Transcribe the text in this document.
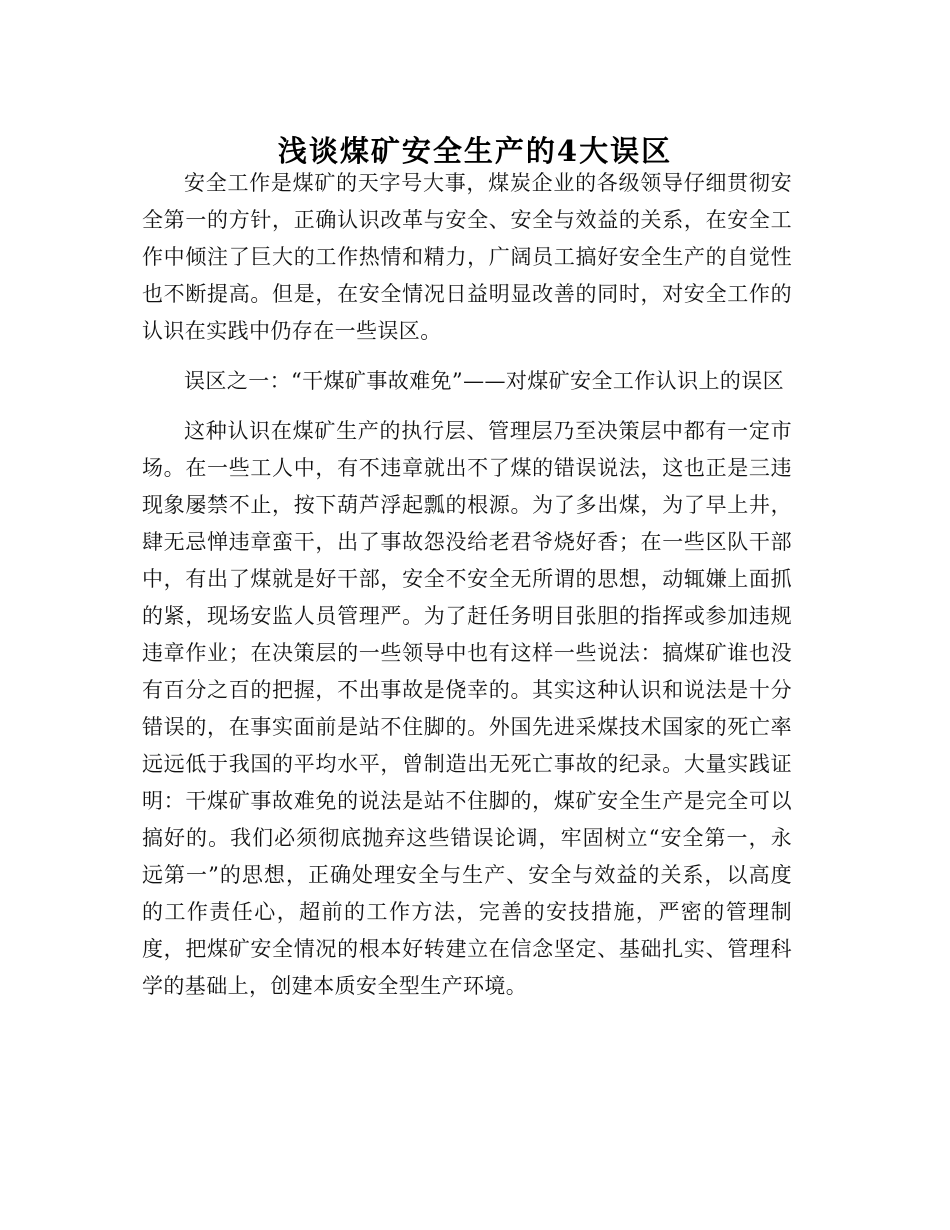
浅谈煤矿安全生产的4大误区

安全工作是煤矿的天字号大事，煤炭企业的各级领导仔细贯彻安全第一的方针，正确认识改革与安全、安全与效益的关系，在安全工作中倾注了巨大的工作热情和精力，广阔员工搞好安全生产的自觉性也不断提高。但是，在安全情况日益明显改善的同时，对安全工作的认识在实践中仍存在一些误区。

误区之一：“干煤矿事故难免”——对煤矿安全工作认识上的误区

这种认识在煤矿生产的执行层、管理层乃至决策层中都有一定市场。在一些工人中，有不违章就出不了煤的错误说法，这也正是三违现象屡禁不止，按下葫芦浮起瓢的根源。为了多出煤，为了早上井，肆无忌惮违章蛮干，出了事故怨没给老君爷烧好香；在一些区队干部中，有出了煤就是好干部，安全不安全无所谓的思想，动辄嫌上面抓的紧，现场安监人员管理严。为了赶任务明目张胆的指挥或参加违规违章作业；在决策层的一些领导中也有这样一些说法：搞煤矿谁也没有百分之百的把握，不出事故是侥幸的。其实这种认识和说法是十分错误的，在事实面前是站不住脚的。外国先进采煤技术国家的死亡率远远低于我国的平均水平，曾制造出无死亡事故的纪录。大量实践证明：干煤矿事故难免的说法是站不住脚的，煤矿安全生产是完全可以搞好的。我们必须彻底抛弃这些错误论调，牢固树立“安全第一，永远第一”的思想，正确处理安全与生产、安全与效益的关系，以高度的工作责任心，超前的工作方法，完善的安技措施，严密的管理制度，把煤矿安全情况的根本好转建立在信念坚定、基础扎实、管理科学的基础上，创建本质安全型生产环境。
